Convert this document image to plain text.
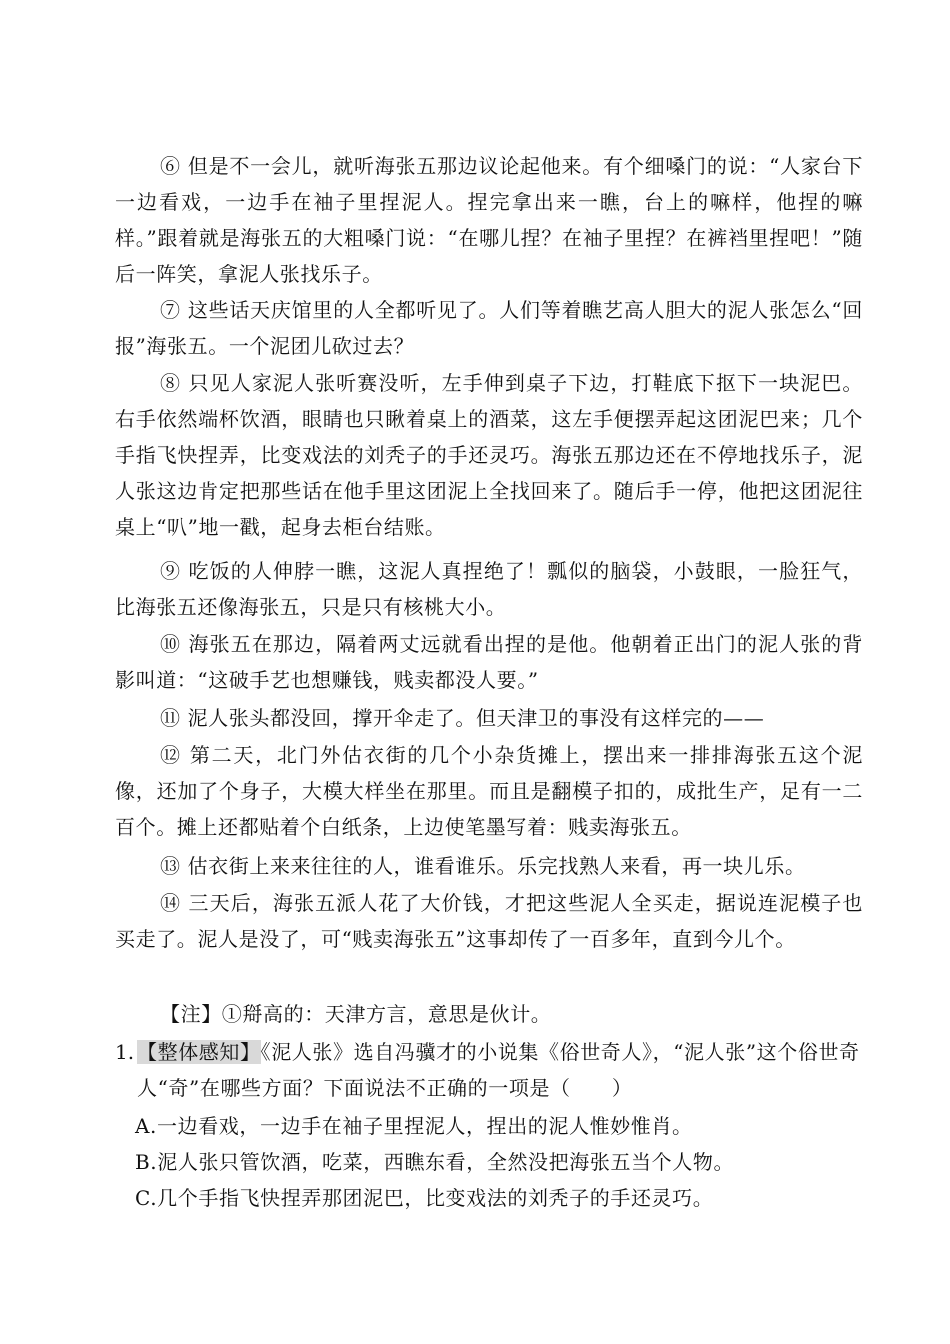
⑥ 但是不一会儿，就听海张五那边议论起他来。有个细嗓门的说：“人家台下一边看戏，一边手在袖子里捏泥人。捏完拿出来一瞧，台上的嘛样，他捏的嘛样。”跟着就是海张五的大粗嗓门说：“在哪儿捏？在袖子里捏？在裤裆里捏吧！”随后一阵笑，拿泥人张找乐子。

⑦ 这些话天庆馆里的人全都听见了。人们等着瞧艺高人胆大的泥人张怎么“回报”海张五。一个泥团儿砍过去？

⑧ 只见人家泥人张听赛没听，左手伸到桌子下边，打鞋底下抠下一块泥巴。右手依然端杯饮酒，眼睛也只瞅着桌上的酒菜，这左手便摆弄起这团泥巴来；几个手指飞快捏弄，比变戏法的刘秃子的手还灵巧。海张五那边还在不停地找乐子，泥人张这边肯定把那些话在他手里这团泥上全找回来了。随后手一停，他把这团泥往桌上“叭”地一戳，起身去柜台结账。

⑨ 吃饭的人伸脖一瞧，这泥人真捏绝了！瓢似的脑袋，小鼓眼，一脸狂气，比海张五还像海张五，只是只有核桃大小。

⑩ 海张五在那边，隔着两丈远就看出捏的是他。他朝着正出门的泥人张的背影叫道：“这破手艺也想赚钱，贱卖都没人要。”

⑪ 泥人张头都没回，撑开伞走了。但天津卫的事没有这样完的——

⑫ 第二天，北门外估衣街的几个小杂货摊上，摆出来一排排海张五这个泥像，还加了个身子，大模大样坐在那里。而且是翻模子扣的，成批生产，足有一二百个。摊上还都贴着个白纸条，上边使笔墨写着：贱卖海张五。

⑬ 估衣街上来来往往的人，谁看谁乐。乐完找熟人来看，再一块儿乐。

⑭ 三天后，海张五派人花了大价钱，才把这些泥人全买走，据说连泥模子也买走了。泥人是没了，可“贱卖海张五”这事却传了一百多年，直到今儿个。

【注】①搿高的：天津方言，意思是伙计。

1. 【整体感知】《泥人张》选自冯骥才的小说集《俗世奇人》，“泥人张”这个俗世奇人“奇”在哪些方面？下面说法不正确的一项是（　　）

A.一边看戏，一边手在袖子里捏泥人，捏出的泥人惟妙惟肖。

B.泥人张只管饮酒，吃菜，西瞧东看，全然没把海张五当个人物。

C.几个手指飞快捏弄那团泥巴，比变戏法的刘秃子的手还灵巧。
